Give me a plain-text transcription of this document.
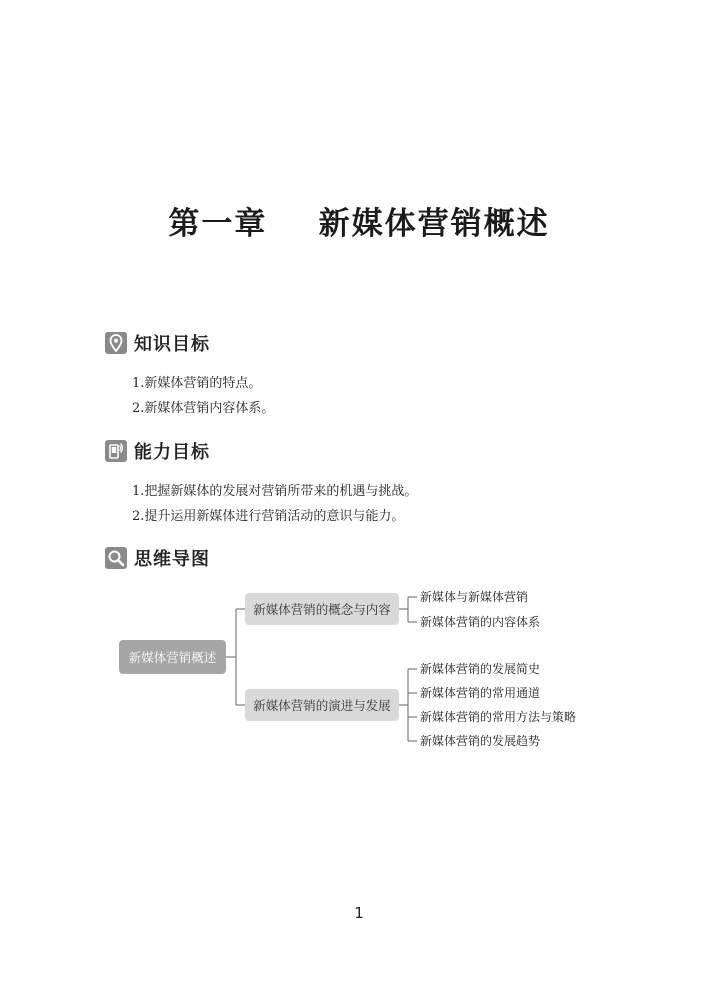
第一章    新媒体营销概述
知识目标
1.新媒体营销的特点。
2.新媒体营销内容体系。
能力目标
1.把握新媒体的发展对营销所带来的机遇与挑战。
2.提升运用新媒体进行营销活动的意识与能力。
思维导图
新媒体营销概述
新媒体营销的概念与内容
新媒体营销的演进与发展
新媒体与新媒体营销
新媒体营销的内容体系
新媒体营销的发展简史
新媒体营销的常用通道
新媒体营销的常用方法与策略
新媒体营销的发展趋势
1
